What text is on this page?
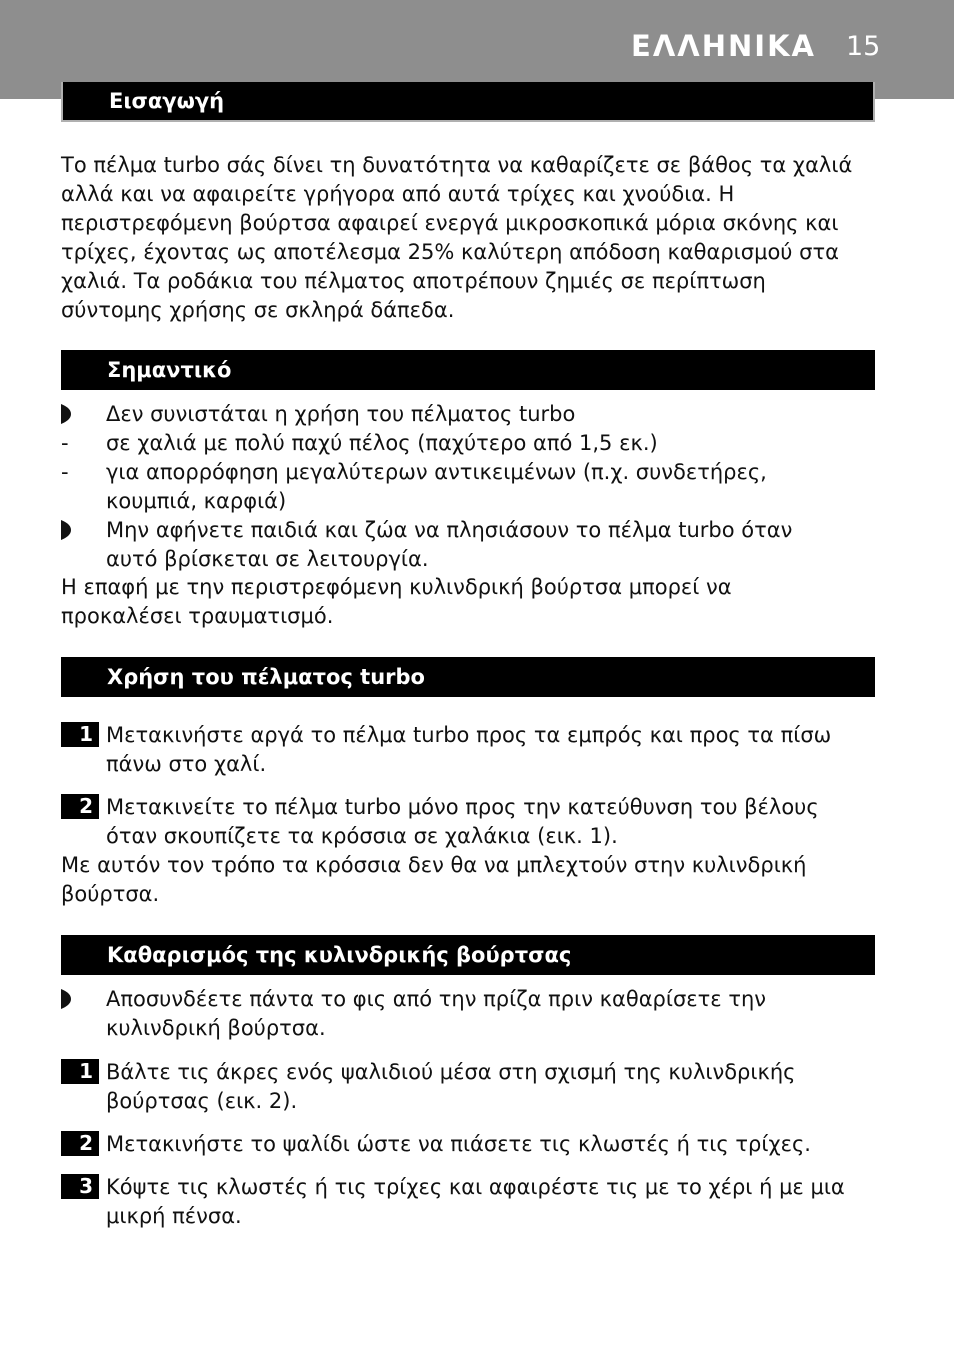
ΕΛΛΗΝΙΚΑ 15
Εισαγωγή
Το πέλμα turbo σάς δίνει τη δυνατότητα να καθαρίζετε σε βάθος τα χαλιά
αλλά και να αφαιρείτε γρήγορα από αυτά τρίχες και χνούδια. Η
περιστρεφόμενη βούρτσα αφαιρεί ενεργά μικροσκοπικά μόρια σκόνης και
τρίχες, έχοντας ως αποτέλεσμα 25% καλύτερη απόδοση καθαρισμού στα
χαλιά. Τα ροδάκια του πέλματος αποτρέπουν ζημιές σε περίπτωση
σύντομης χρήσης σε σκληρά δάπεδα.
Σημαντικό
Δεν συνιστάται η χρήση του πέλματος turbo
- σε χαλιά με πολύ παχύ πέλος (παχύτερο από 1,5 εκ.)
- για απορρόφηση μεγαλύτερων αντικειμένων (π.χ. συνδετήρες,
κουμπιά, καρφιά)
Μην αφήνετε παιδιά και ζώα να πλησιάσουν το πέλμα turbo όταν
αυτό βρίσκεται σε λειτουργία.
Η επαφή με την περιστρεφόμενη κυλινδρική βούρτσα μπορεί να
προκαλέσει τραυματισμό.
Χρήση του πέλματος turbo
1 Μετακινήστε αργά το πέλμα turbo προς τα εμπρός και προς τα πίσω
πάνω στο χαλί.
2 Μετακινείτε το πέλμα turbo μόνο προς την κατεύθυνση του βέλους
όταν σκουπίζετε τα κρόσσια σε χαλάκια (εικ. 1).
Με αυτόν τον τρόπο τα κρόσσια δεν θα να μπλεχτούν στην κυλινδρική
βούρτσα.
Καθαρισμός της κυλινδρικής βούρτσας
Αποσυνδέετε πάντα το φις από την πρίζα πριν καθαρίσετε την
κυλινδρική βούρτσα.
1 Βάλτε τις άκρες ενός ψαλιδιού μέσα στη σχισμή της κυλινδρικής
βούρτσας (εικ. 2).
2 Μετακινήστε το ψαλίδι ώστε να πιάσετε τις κλωστές ή τις τρίχες.
3 Κόψτε τις κλωστές ή τις τρίχες και αφαιρέστε τις με το χέρι ή με μια
μικρή πένσα.
